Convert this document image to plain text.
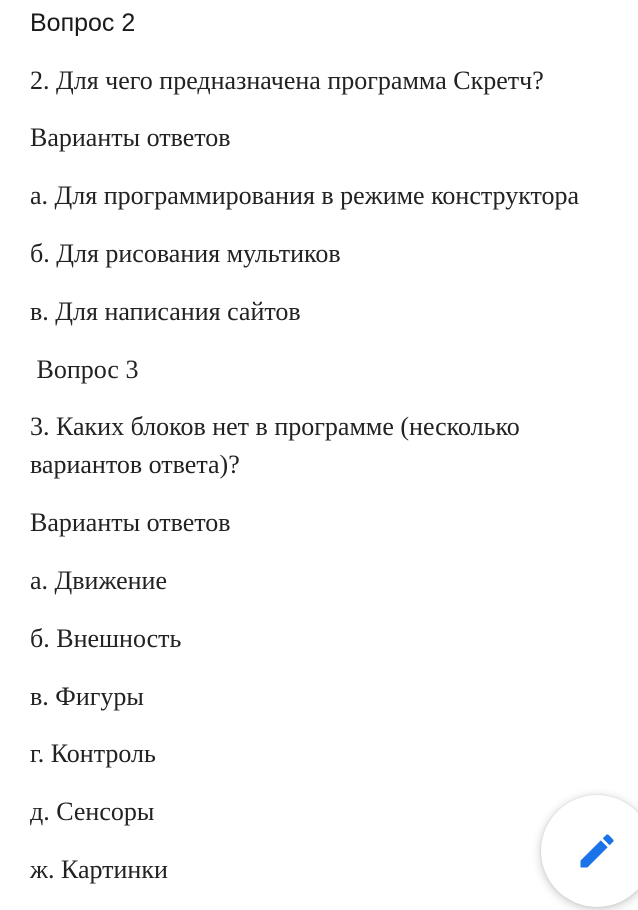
Вопрос 2

2. Для чего предназначена программа Скретч?

Варианты ответов

а. Для программирования в режиме конструктора

б. Для рисования мультиков

в. Для написания сайтов

Вопрос 3

3. Каких блоков нет в программе (несколько вариантов ответа)?

Варианты ответов

а. Движение

б. Внешность

в. Фигуры

г. Контроль

д. Сенсоры

ж. Картинки
